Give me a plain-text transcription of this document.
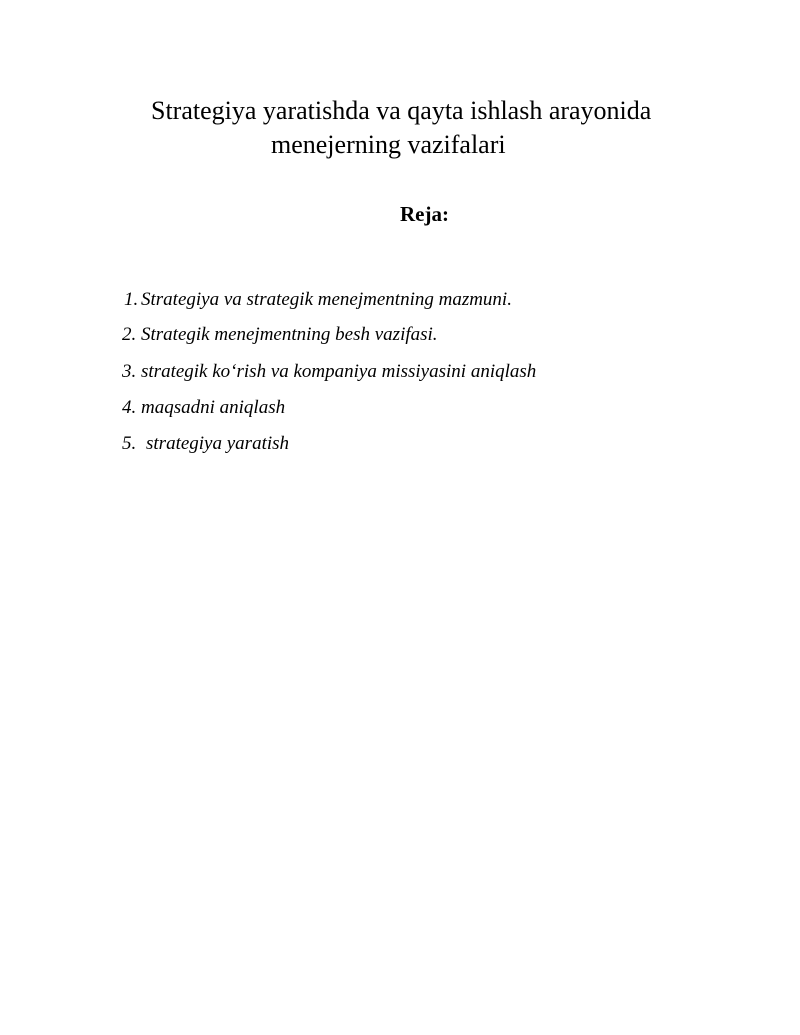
Strategiya yaratishda va qayta ishlash arayonida
menejerning vazifalari
Reja:
1. Strategiya va strategik menejmentning mazmuni.
2. Strategik menejmentning besh vazifasi.
3. strategik ko‘rish va kompaniya missiyasini aniqlash
4. maqsadni aniqlash
5. strategiya yaratish
